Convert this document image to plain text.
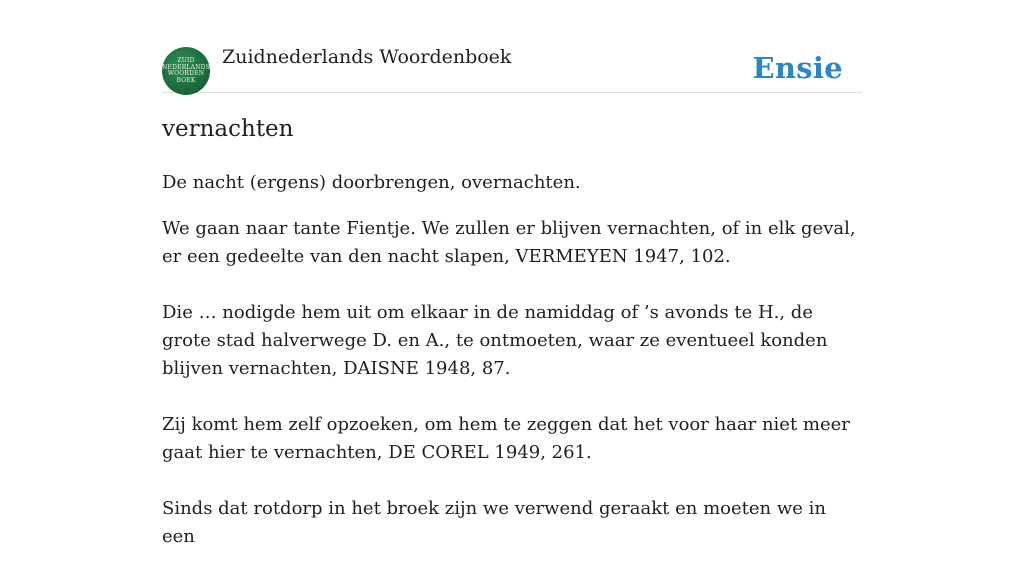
ZUID
NEDERLANDS
WOORDEN
BOEK
Zuidnederlands Woordenboek	Ensie
vernachten

De nacht (ergens) doorbrengen, overnachten.

We gaan naar tante Fientje. We zullen er blijven vernachten, of in elk geval, er een gedeelte van den nacht slapen, VERMEYEN 1947, 102.

Die … nodigde hem uit om elkaar in de namiddag of ’s avonds te H., de grote stad halverwege D. en A., te ontmoeten, waar ze eventueel konden blijven vernachten, DAISNE 1948, 87.

Zij komt hem zelf opzoeken, om hem te zeggen dat het voor haar niet meer gaat hier te vernachten, DE COREL 1949, 261.

Sinds dat rotdorp in het broek zijn we verwend geraakt en moeten we in een
